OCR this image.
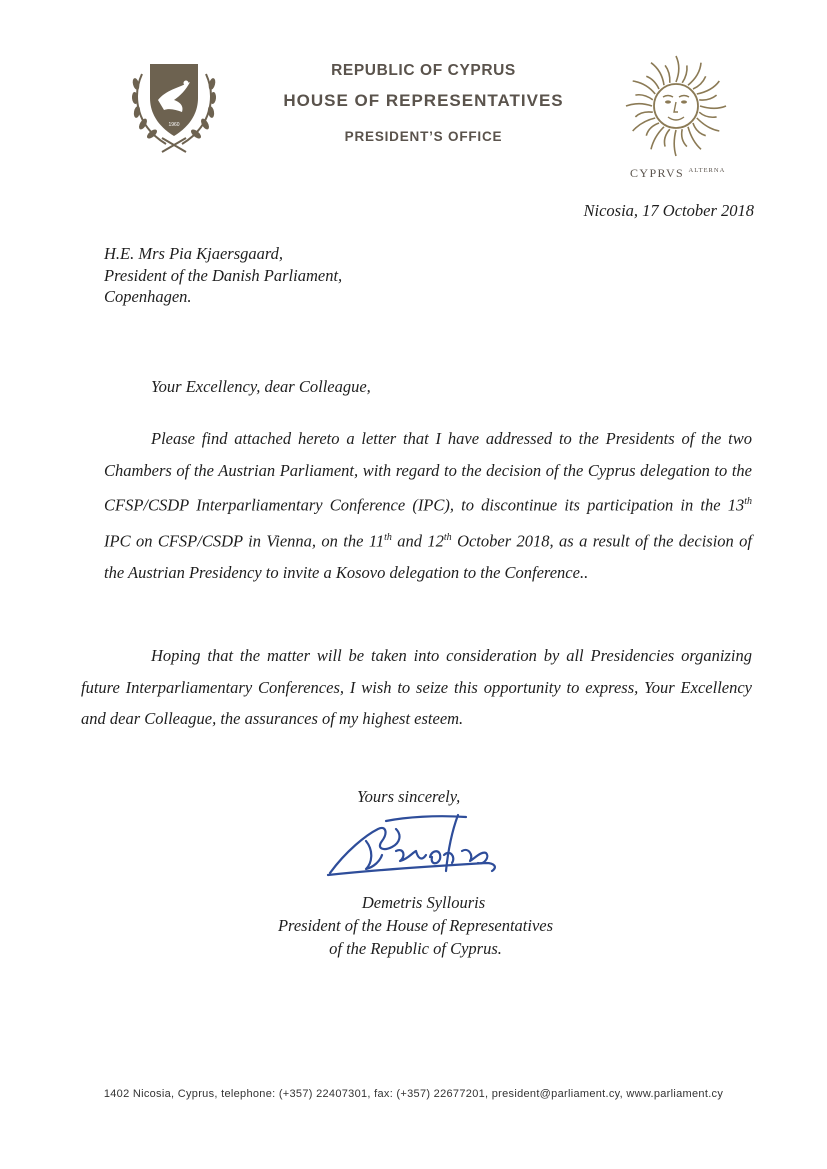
1960
REPUBLIC OF CYPRUS
HOUSE OF REPRESENTATIVES
PRESIDENT’S OFFICE
CYPRVS $^{ALTERNA}$
Nicosia, 17 October 2018
H.E. Mrs Pia Kjaersgaard,
President of the Danish Parliament,
Copenhagen.
Your Excellency, dear Colleague,
Please find attached hereto a letter that I have addressed to the Presidents of the two Chambers of the Austrian Parliament, with regard to the decision of the Cyprus delegation to the CFSP/CSDP Interparliamentary Conference (IPC), to discontinue its participation in the 13th IPC on CFSP/CSDP in Vienna, on the 11th and 12th October 2018, as a result of the decision of the Austrian Presidency to invite a Kosovo delegation to the Conference..
Hoping that the matter will be taken into consideration by all Presidencies organizing future Interparliamentary Conferences, I wish to seize this opportunity to express, Your Excellency and dear Colleague, the assurances of my highest esteem.
Yours sincerely,
Demetris Syllouris
President of the House of Representatives
of the Republic of Cyprus.
1402 Nicosia, Cyprus, telephone: (+357) 22407301, fax: (+357) 22677201, president@parliament.cy, www.parliament.cy
